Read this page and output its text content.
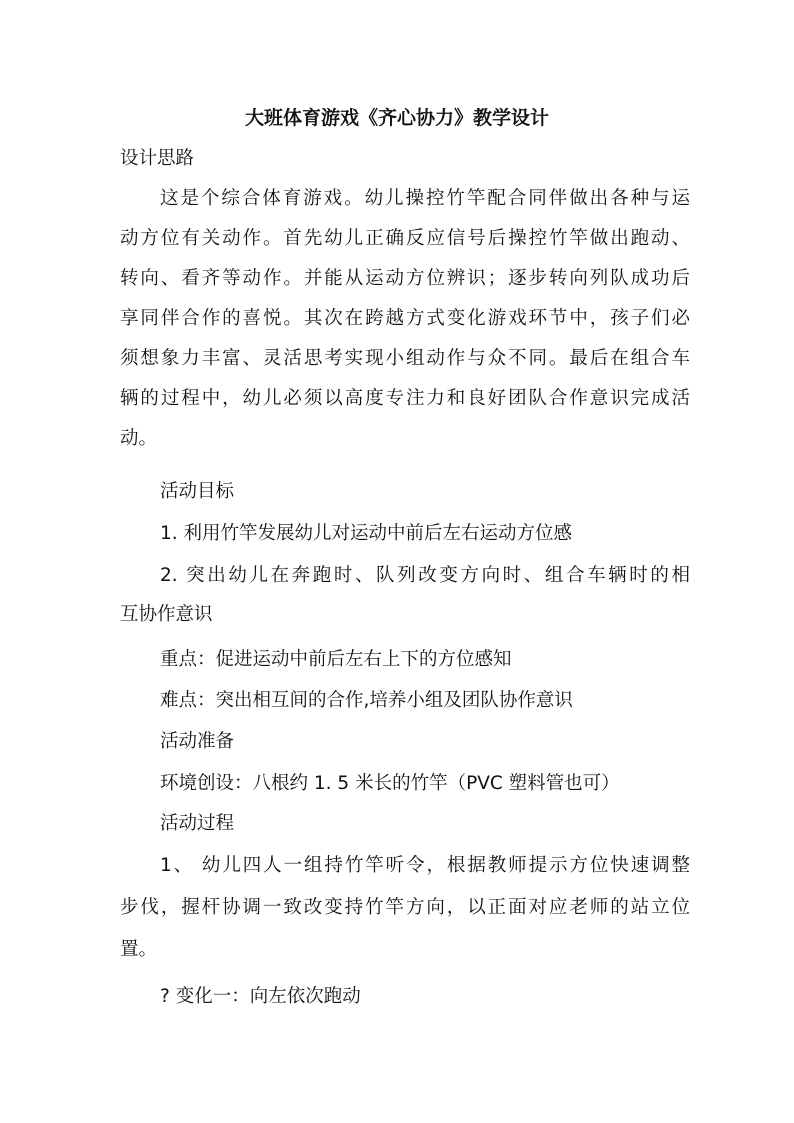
大班体育游戏《齐心协力》教学设计
设计思路
这是个综合体育游戏。幼儿操控竹竿配合同伴做出各种与运
动方位有关动作。首先幼儿正确反应信号后操控竹竿做出跑动、
转向、看齐等动作。并能从运动方位辨识；逐步转向列队成功后
享同伴合作的喜悦。其次在跨越方式变化游戏环节中，孩子们必
须想象力丰富、灵活思考实现小组动作与众不同。最后在组合车
辆的过程中，幼儿必须以高度专注力和良好团队合作意识完成活
动。
活动目标
1. 利用竹竿发展幼儿对运动中前后左右运动方位感
2. 突出幼儿在奔跑时、队列改变方向时、组合车辆时的相
互协作意识
重点：促进运动中前后左右上下的方位感知
难点：突出相互间的合作,培养小组及团队协作意识
活动准备
环境创设：八根约 1. 5 米长的竹竿（PVC 塑料管也可）
活动过程
1、 幼儿四人一组持竹竿听令，根据教师提示方位快速调整
步伐，握杆协调一致改变持竹竿方向，以正面对应老师的站立位
置。
? 变化一：向左依次跑动
